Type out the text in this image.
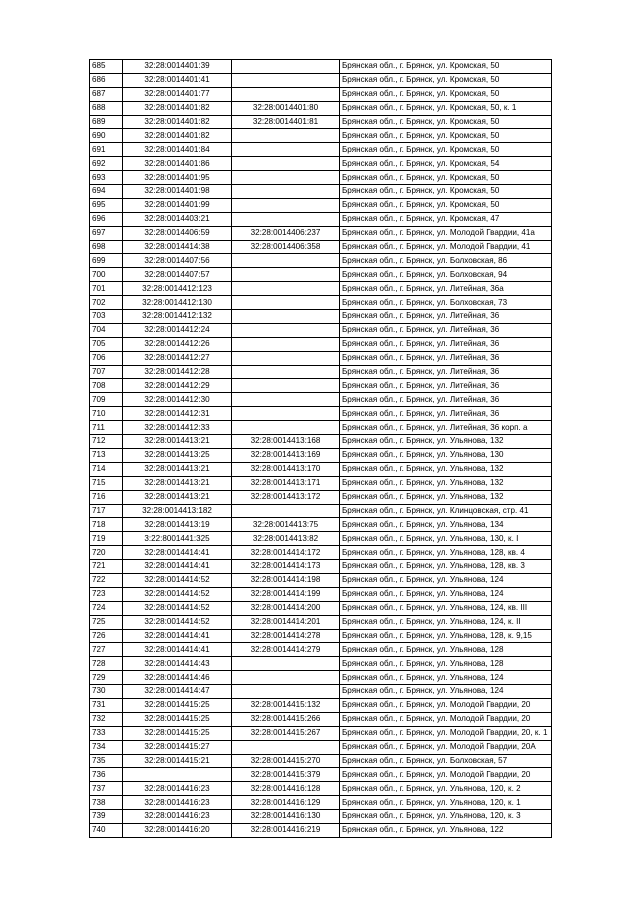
685	32:28:0014401:39		Брянская обл., г. Брянск, ул. Кромская, 50
686	32:28:0014401:41		Брянская обл., г. Брянск, ул. Кромская, 50
687	32:28:0014401:77		Брянская обл., г. Брянск, ул. Кромская, 50
688	32:28:0014401:82	32:28:0014401:80	Брянская обл., г. Брянск, ул. Кромская, 50, к. 1
689	32:28:0014401:82	32:28:0014401:81	Брянская обл., г. Брянск, ул. Кромская, 50
690	32:28:0014401:82		Брянская обл., г. Брянск, ул. Кромская, 50
691	32:28:0014401:84		Брянская обл., г. Брянск, ул. Кромская, 50
692	32:28:0014401:86		Брянская обл., г. Брянск, ул. Кромская, 54
693	32:28:0014401:95		Брянская обл., г. Брянск, ул. Кромская, 50
694	32:28:0014401:98		Брянская обл., г. Брянск, ул. Кромская, 50
695	32:28:0014401:99		Брянская обл., г. Брянск, ул. Кромская, 50
696	32:28:0014403:21		Брянская обл., г. Брянск, ул. Кромская, 47
697	32:28:0014406:59	32:28:0014406:237	Брянская обл., г. Брянск, ул. Молодой Гвардии, 41а
698	32:28:0014414:38	32:28:0014406:358	Брянская обл., г. Брянск, ул. Молодой Гвардии, 41
699	32:28:0014407:56		Брянская обл., г. Брянск, ул. Болховская, 86
700	32:28:0014407:57		Брянская обл., г. Брянск, ул. Болховская, 94
701	32:28:0014412:123		Брянская обл., г. Брянск, ул. Литейная, 36а
702	32:28:0014412:130		Брянская обл., г. Брянск, ул. Болховская, 73
703	32:28:0014412:132		Брянская обл., г. Брянск, ул. Литейная, 36
704	32:28:0014412:24		Брянская обл., г. Брянск, ул. Литейная, 36
705	32:28:0014412:26		Брянская обл., г. Брянск, ул. Литейная, 36
706	32:28:0014412:27		Брянская обл., г. Брянск, ул. Литейная, 36
707	32:28:0014412:28		Брянская обл., г. Брянск, ул. Литейная, 36
708	32:28:0014412:29		Брянская обл., г. Брянск, ул. Литейная, 36
709	32:28:0014412:30		Брянская обл., г. Брянск, ул. Литейная, 36
710	32:28:0014412:31		Брянская обл., г. Брянск, ул. Литейная, 36
711	32:28:0014412:33		Брянская обл., г. Брянск, ул. Литейная, 36 корп. а
712	32:28:0014413:21	32:28:0014413:168	Брянская обл., г. Брянск, ул. Ульянова, 132
713	32:28:0014413:25	32:28:0014413:169	Брянская обл., г. Брянск, ул. Ульянова, 130
714	32:28:0014413:21	32:28:0014413:170	Брянская обл., г. Брянск, ул. Ульянова, 132
715	32:28:0014413:21	32:28:0014413:171	Брянская обл., г. Брянск, ул. Ульянова, 132
716	32:28:0014413:21	32:28:0014413:172	Брянская обл., г. Брянск, ул. Ульянова, 132
717	32:28:0014413:182		Брянская обл., г. Брянск, ул. Клинцовская, стр. 41
718	32:28:0014413:19	32:28:0014413:75	Брянская обл., г. Брянск, ул. Ульянова, 134
719	3:22:8001441:325	32:28:0014413:82	Брянская обл., г. Брянск, ул. Ульянова, 130, к. I
720	32:28:0014414:41	32:28:0014414:172	Брянская обл., г. Брянск, ул. Ульянова, 128, кв. 4
721	32:28:0014414:41	32:28:0014414:173	Брянская обл., г. Брянск, ул. Ульянова, 128, кв. 3
722	32:28:0014414:52	32:28:0014414:198	Брянская обл., г. Брянск, ул. Ульянова, 124
723	32:28:0014414:52	32:28:0014414:199	Брянская обл., г. Брянск, ул. Ульянова, 124
724	32:28:0014414:52	32:28:0014414:200	Брянская обл., г. Брянск, ул. Ульянова, 124, кв. III
725	32:28:0014414:52	32:28:0014414:201	Брянская обл., г. Брянск, ул. Ульянова, 124, к. II
726	32:28:0014414:41	32:28:0014414:278	Брянская обл., г. Брянск, ул. Ульянова, 128, к. 9,15
727	32:28:0014414:41	32:28:0014414:279	Брянская обл., г. Брянск, ул. Ульянова, 128
728	32:28:0014414:43		Брянская обл., г. Брянск, ул. Ульянова, 128
729	32:28:0014414:46		Брянская обл., г. Брянск, ул. Ульянова, 124
730	32:28:0014414:47		Брянская обл., г. Брянск, ул. Ульянова, 124
731	32:28:0014415:25	32:28:0014415:132	Брянская обл., г. Брянск, ул. Молодой Гвардии, 20
732	32:28:0014415:25	32:28:0014415:266	Брянская обл., г. Брянск, ул. Молодой Гвардии, 20
733	32:28:0014415:25	32:28:0014415:267	Брянская обл., г. Брянск, ул. Молодой Гвардии, 20, к. 1
734	32:28:0014415:27		Брянская обл., г. Брянск, ул. Молодой Гвардии, 20А
735	32:28:0014415:21	32:28:0014415:270	Брянская обл., г. Брянск, ул. Болховская, 57
736		32:28:0014415:379	Брянская обл., г. Брянск, ул. Молодой Гвардии, 20
737	32:28:0014416:23	32:28:0014416:128	Брянская обл., г. Брянск, ул. Ульянова, 120, к. 2
738	32:28:0014416:23	32:28:0014416:129	Брянская обл., г. Брянск, ул. Ульянова, 120, к. 1
739	32:28:0014416:23	32:28:0014416:130	Брянская обл., г. Брянск, ул. Ульянова, 120, к. 3
740	32:28:0014416:20	32:28:0014416:219	Брянская обл., г. Брянск, ул. Ульянова, 122
